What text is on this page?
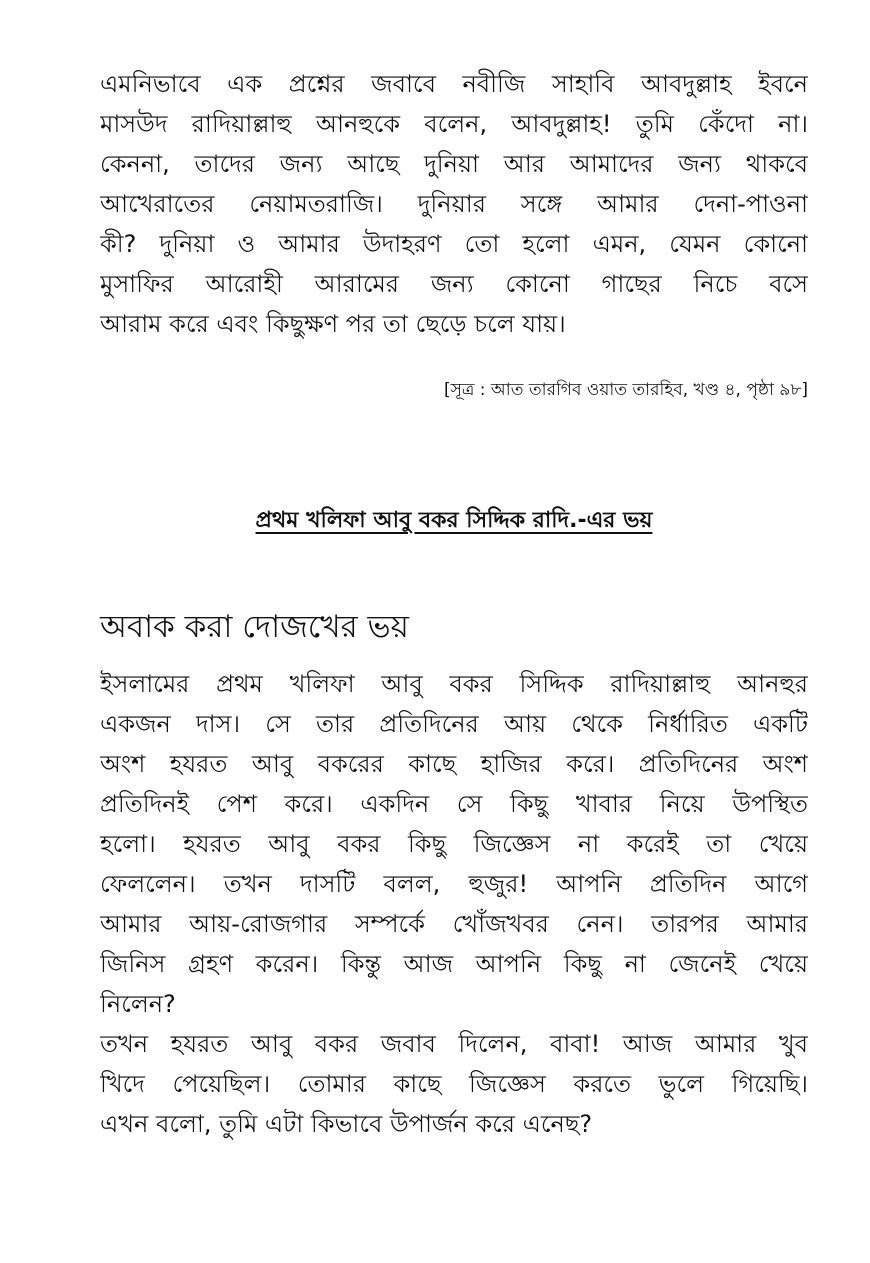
এমনিভাবে এক প্রশ্নের জবাবে নবীজি সাহাবি আবদুল্লাহ ইবনে
মাসউদ রাদিয়াল্লাহু আনহুকে বলেন, আবদুল্লাহ! তুমি কেঁদো না।
কেননা, তাদের জন্য আছে দুনিয়া আর আমাদের জন্য থাকবে
আখেরাতের নেয়ামতরাজি। দুনিয়ার সঙ্গে আমার দেনা-পাওনা
কী? দুনিয়া ও আমার উদাহরণ তো হলো এমন, যেমন কোনো
মুসাফির আরোহী আরামের জন্য কোনো গাছের নিচে বসে
আরাম করে এবং কিছুক্ষণ পর তা ছেড়ে চলে যায়।
[সূত্র : আত তারগিব ওয়াত তারহিব, খণ্ড ৪, পৃষ্ঠা ৯৮]
প্রথম খলিফা আবু বকর সিদ্দিক রাদি.-এর ভয়
অবাক করা দোজখের ভয়
ইসলামের প্রথম খলিফা আবু বকর সিদ্দিক রাদিয়াল্লাহু আনহুর
একজন দাস। সে তার প্রতিদিনের আয় থেকে নির্ধারিত একটি
অংশ হযরত আবু বকরের কাছে হাজির করে। প্রতিদিনের অংশ
প্রতিদিনই পেশ করে। একদিন সে কিছু খাবার নিয়ে উপস্থিত
হলো। হযরত আবু বকর কিছু জিজ্ঞেস না করেই তা খেয়ে
ফেললেন। তখন দাসটি বলল, হুজুর! আপনি প্রতিদিন আগে
আমার আয়-রোজগার সম্পর্কে খোঁজখবর নেন। তারপর আমার
জিনিস গ্রহণ করেন। কিন্তু আজ আপনি কিছু না জেনেই খেয়ে
নিলেন?
তখন হযরত আবু বকর জবাব দিলেন, বাবা! আজ আমার খুব
খিদে পেয়েছিল। তোমার কাছে জিজ্ঞেস করতে ভুলে গিয়েছি।
এখন বলো, তুমি এটা কিভাবে উপার্জন করে এনেছ?
